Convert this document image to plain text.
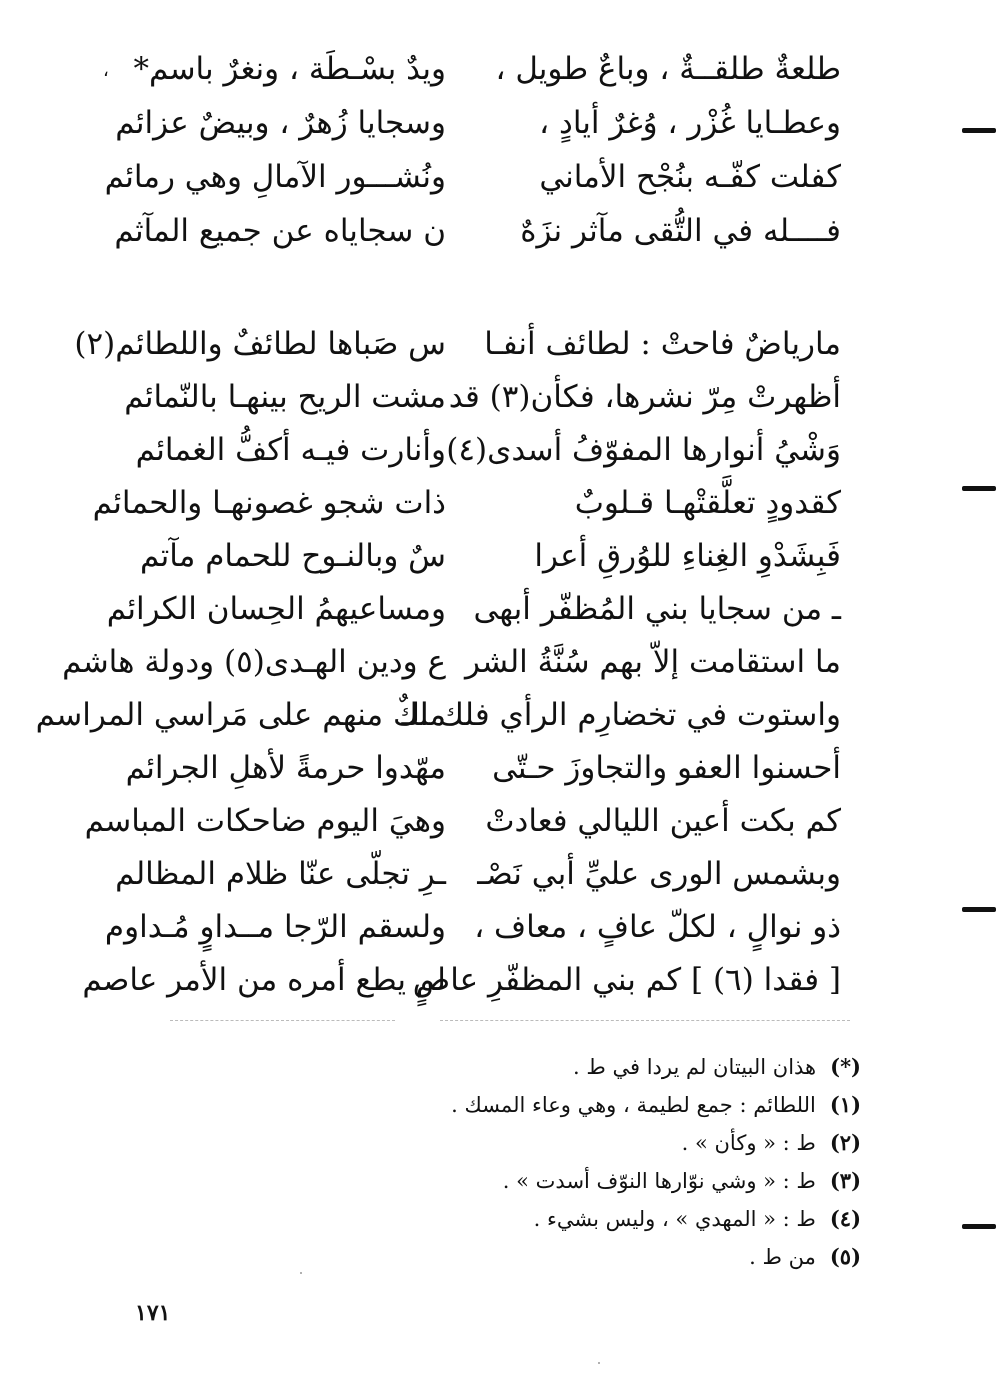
،	طلعةٌ طلقــةٌ ، وباعٌ طويل ،
وعطـايا غُزْر ، وُغرٌ أيادٍ ،
كفلت كفّـه بنُجْح الأماني
فــــله في التُّقى مآثر نزَهٌ
ويدٌ بسْـطَة ، ونغرٌ باسم*
وسجايا زُهرٌ ، وبيضٌ عزائم
ونُشـــور الآمالِ وهي رمائم
ن سجاياه عن جميع المآثم
مارياضٌ فاحتْ : لطائف أنفـا
أظهرتْ مِرّ نشرها، فكأن(٣) قد
وَشْيُ أنوارها المفوّفُ أسدى(٤)
كقدودٍ تعلَّقتْهـا قـلوبٌ
فَبِشَدْوِ الغِناءِ للوُرقِ أعرا
ـ من سجايا بني المُظفّر أبهى
ما استقامت إلاّ بهم سُنَّةُ الشر
واستوت في تخضارِم الرأي فلك الـ
أحسنوا العفو والتجاوزَ حـتّى
كم بكت أعين الليالي فعادتْ
وبشمس الورى عليِّ أبي نَصْـ
ذو نوالٍ ، لكلّ عافٍ ، معاف ،
[ فقدا (٦) ] كم بني المظفّرِ عاصٍ
س صَباها لطائفٌ واللطائم(٢)
مشت الريح بينهـا بالنّمائم
وأنارت فيـه أكفُّ الغمائم
ذات شجو غصونهـا والحمائم
سٌ وبالنـوح للحمام مآتم
ومساعيهمُ الحِسان الكرائم
ع ودين الهـدى(٥) ودولة هاشم
ملكٌ منهم على مَراسي المراسم
مهّدوا حرمةً لأهلِ الجرائم
وهيَ اليوم ضاحكات المباسم
ـرِ تجلّى عنّا ظلام المظالم
ولسقم الرّجا مــداوٍ مُـداوم
لم يطع أمره من الأمر عاصم
(*)هذان البيتان لم يردا في ط .
(١)اللطائم : جمع لطيمة ، وهي وعاء المسك .
(٢)ط : « وكأن » .
(٣)ط : « وشي نوّارها النوّف أسدت » .
(٤)ط : « المهدي » ، وليس بشيء .
(٥)من ط .
١٧١
